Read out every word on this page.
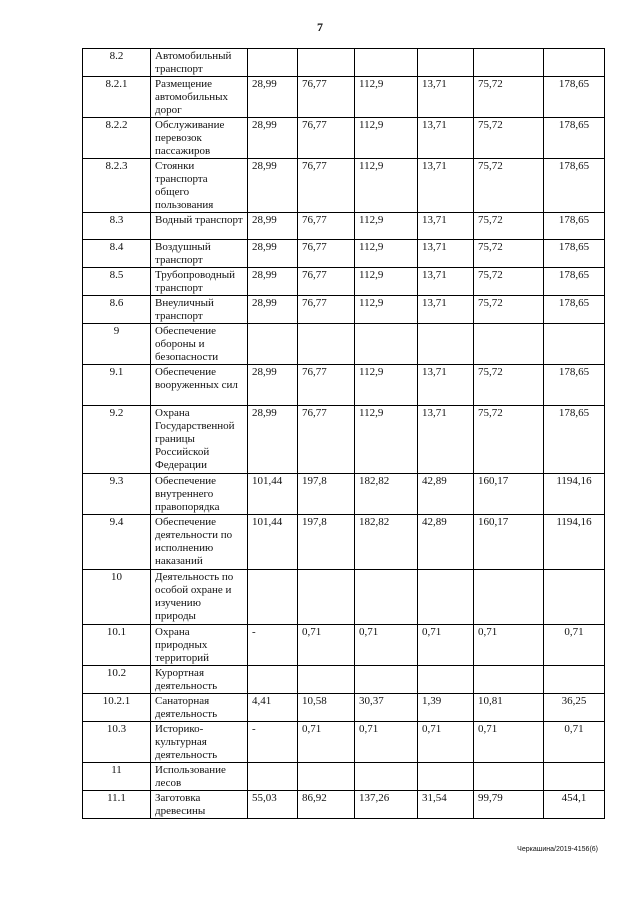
7
8.2	Автомобильный транспорт						
8.2.1	Размещение автомобильных дорог	28,99	76,77	112,9	13,71	75,72	178,65
8.2.2	Обслуживание перевозок пассажиров	28,99	76,77	112,9	13,71	75,72	178,65
8.2.3	Стоянки транспорта общего пользования	28,99	76,77	112,9	13,71	75,72	178,65
8.3	Водный транспорт	28,99	76,77	112,9	13,71	75,72	178,65
8.4	Воздушный транспорт	28,99	76,77	112,9	13,71	75,72	178,65
8.5	Трубопроводный транспорт	28,99	76,77	112,9	13,71	75,72	178,65
8.6	Внеуличный транспорт	28,99	76,77	112,9	13,71	75,72	178,65
9	Обеспечение обороны и безопасности						
9.1	Обеспечение вооруженных сил	28,99	76,77	112,9	13,71	75,72	178,65
9.2	Охрана Государственной границы Российской Федерации	28,99	76,77	112,9	13,71	75,72	178,65
9.3	Обеспечение внутреннего правопорядка	101,44	197,8	182,82	42,89	160,17	1194,16
9.4	Обеспечение деятельности по исполнению наказаний	101,44	197,8	182,82	42,89	160,17	1194,16
10	Деятельность по особой охране и изучению природы						
10.1	Охрана природных территорий	-	0,71	0,71	0,71	0,71	0,71
10.2	Курортная деятельность						
10.2.1	Санаторная деятельность	4,41	10,58	30,37	1,39	10,81	36,25
10.3	Историко-культурная деятельность	-	0,71	0,71	0,71	0,71	0,71
11	Использование лесов						
11.1	Заготовка древесины	55,03	86,92	137,26	31,54	99,79	454,1
Черкашина/2019-4156(6)
